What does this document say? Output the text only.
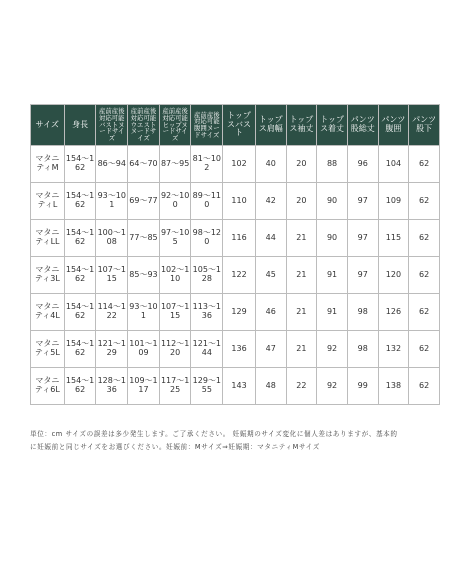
サイズ	身長	産前産後対応可能バストヌードサイズ	産前産後対応可能ウエストヌードサイズ	産前産後対応可能ヒップヌードサイズ	産前産後対応可能腹囲ヌードサイズ	トップスバスト	トップス肩幅	トップス袖丈	トップス着丈	パンツ股総丈	パンツ腹囲	パンツ股下
マタニティM	154〜162	86〜94	64〜70	87〜95	81〜102	102	40	20	88	96	104	62
マタニティL	154〜162	93〜101	69〜77	92〜100	89〜110	110	42	20	90	97	109	62
マタニティLL	154〜162	100〜108	77〜85	97〜105	98〜120	116	44	21	90	97	115	62
マタニティ3L	154〜162	107〜115	85〜93	102〜110	105〜128	122	45	21	91	97	120	62
マタニティ4L	154〜162	114〜122	93〜101	107〜115	113〜136	129	46	21	91	98	126	62
マタニティ5L	154〜162	121〜129	101〜109	112〜120	121〜144	136	47	21	92	98	132	62
マタニティ6L	154〜162	128〜136	109〜117	117〜125	129〜155	143	48	22	92	99	138	62

単位：cm サイズの誤差は多少発生します。ご了承ください。 妊娠期のサイズ変化に個人差はありますが、基本的

に妊娠前と同じサイズをお選びください。妊娠前：Mサイズ⇒妊娠期：マタニティMサイズ
